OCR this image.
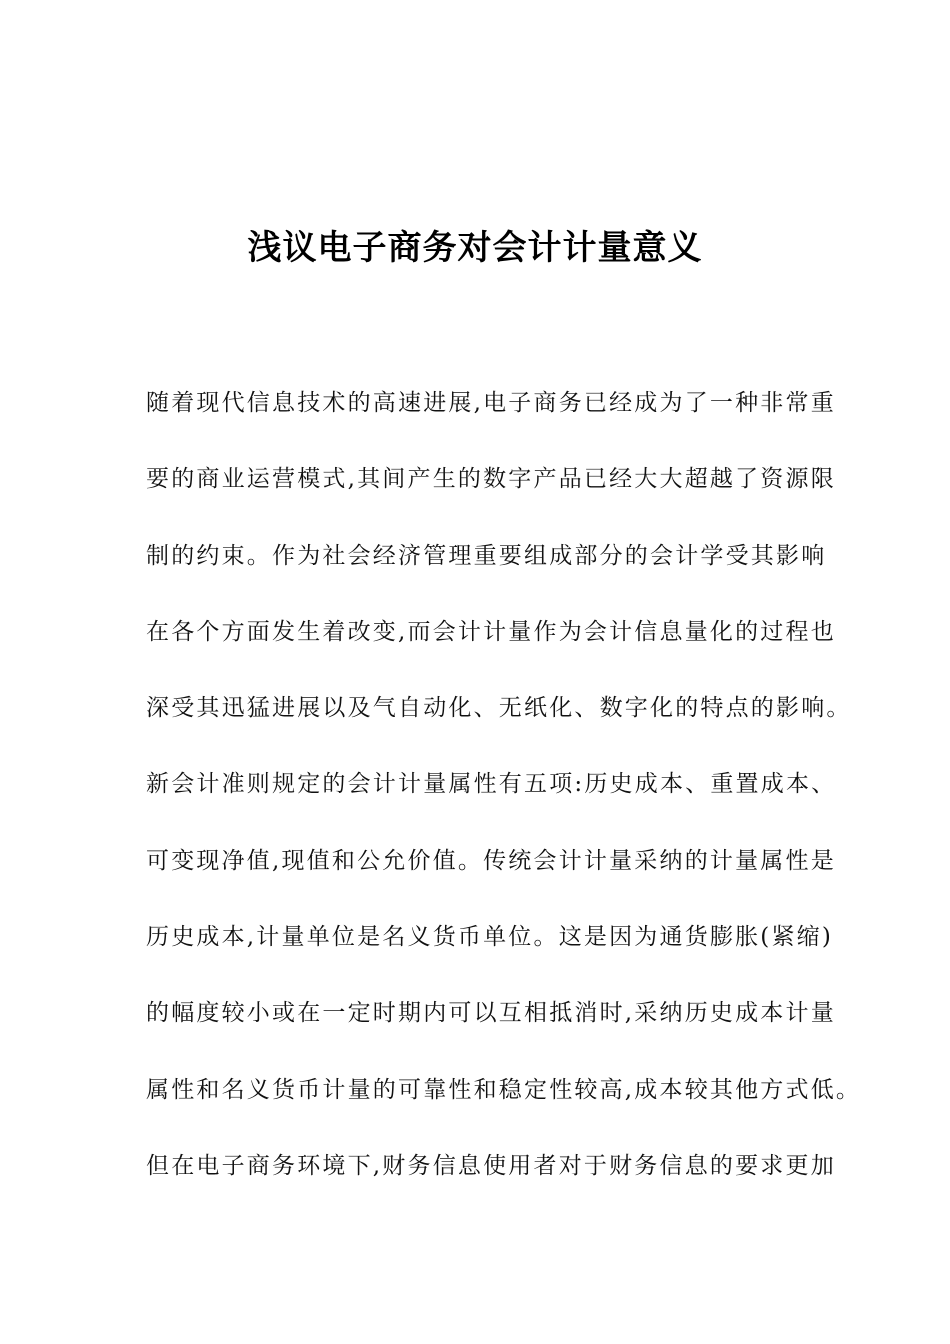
浅议电子商务对会计计量意义
随着现代信息技术的高速进展,电子商务已经成为了一种非常重
要的商业运营模式,其间产生的数字产品已经大大超越了资源限
制的约束。作为社会经济管理重要组成部分的会计学受其影响
在各个方面发生着改变,而会计计量作为会计信息量化的过程也
深受其迅猛进展以及气自动化、无纸化、数字化的特点的影响。
新会计准则规定的会计计量属性有五项:历史成本、重置成本、
可变现净值,现值和公允价值。传统会计计量采纳的计量属性是
历史成本,计量单位是名义货币单位。这是因为通货膨胀(紧缩)
的幅度较小或在一定时期内可以互相抵消时,采纳历史成本计量
属性和名义货币计量的可靠性和稳定性较高,成本较其他方式低。
但在电子商务环境下,财务信息使用者对于财务信息的要求更加
